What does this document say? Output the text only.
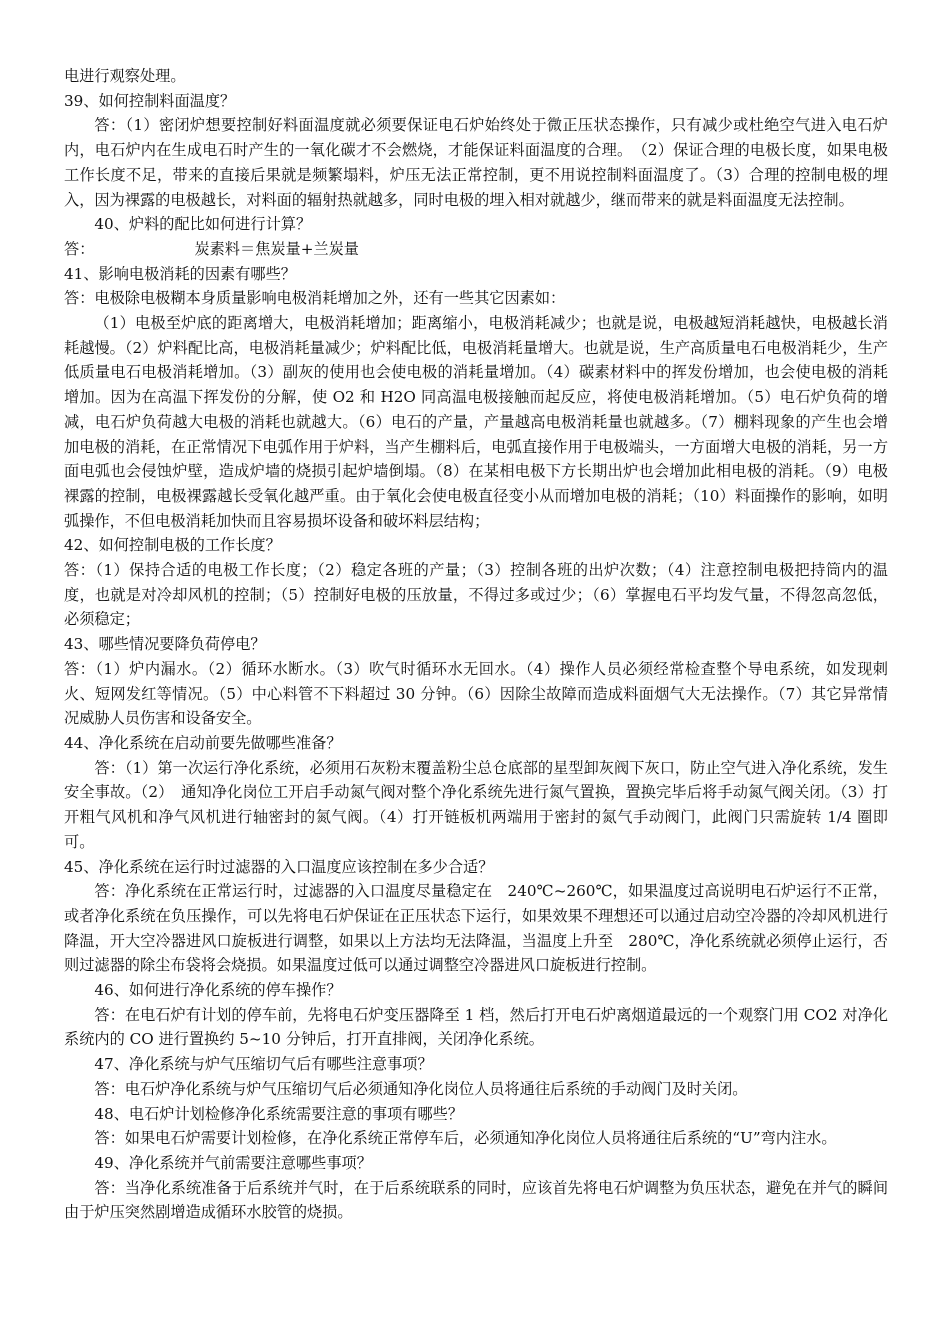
电进行观察处理。

39、如何控制料面温度？

答：（1）密闭炉想要控制好料面温度就必须要保证电石炉始终处于微正压状态操作，只有减少或杜绝空气进入电石炉内，电石炉内在生成电石时产生的一氧化碳才不会燃烧，才能保证料面温度的合理。　（2）保证合理的电极长度，如果电极工作长度不足，带来的直接后果就是频繁塌料，炉压无法正常控制，更不用说控制料面温度了。（3）合理的控制电极的埋入，因为裸露的电极越长，对料面的辐射热就越多，同时电极的埋入相对就越少，继而带来的就是料面温度无法控制。

40、炉料的配比如何进行计算？

答：	炭素料＝焦炭量+兰炭量

41、影响电极消耗的因素有哪些？

答：电极除电极糊本身质量影响电极消耗增加之外，还有一些其它因素如：

（1）电极至炉底的距离增大，电极消耗增加；距离缩小，电极消耗减少；也就是说，电极越短消耗越快，电极越长消耗越慢。（2）炉料配比高，电极消耗量减少；炉料配比低，电极消耗量增大。也就是说，生产高质量电石电极消耗少，生产低质量电石电极消耗增加。（3）副灰的使用也会使电极的消耗量增加。（4）碳素材料中的挥发份增加，也会使电极的消耗增加。因为在高温下挥发份的分解，使 O2 和 H2O 同高温电极接触而起反应，将使电极消耗增加。（5）电石炉负荷的增减，电石炉负荷越大电极的消耗也就越大。（6）电石的产量，产量越高电极消耗量也就越多。（7）棚料现象的产生也会增加电极的消耗，在正常情况下电弧作用于炉料，当产生棚料后，电弧直接作用于电极端头，一方面增大电极的消耗，另一方面电弧也会侵蚀炉壁，造成炉墙的烧损引起炉墙倒塌。（8）在某相电极下方长期出炉也会增加此相电极的消耗。（9）电极裸露的控制，电极裸露越长受氧化越严重。由于氧化会使电极直径变小从而增加电极的消耗；（10）料面操作的影响，如明弧操作，不但电极消耗加快而且容易损坏设备和破坏料层结构；

42、如何控制电极的工作长度？

答：（1）保持合适的电极工作长度；（2）稳定各班的产量；（3）控制各班的出炉次数；（4）注意控制电极把持筒内的温度，也就是对冷却风机的控制；（5）控制好电极的压放量，不得过多或过少；（6）掌握电石平均发气量，不得忽高忽低，必须稳定；

43、哪些情况要降负荷停电？

答：（1）炉内漏水。（2）循环水断水。（3）吹气时循环水无回水。（4）操作人员必须经常检查整个导电系统，如发现刺火、短网发红等情况。（5）中心料管不下料超过 30 分钟。（6）因除尘故障而造成料面烟气大无法操作。（7）其它异常情况威胁人员伤害和设备安全。

44、净化系统在启动前要先做哪些准备？

答：（1）第一次运行净化系统，必须用石灰粉末覆盖粉尘总仓底部的星型卸灰阀下灰口，防止空气进入净化系统，发生安全事故。（2）　通知净化岗位工开启手动氮气阀对整个净化系统先进行氮气置换，置换完毕后将手动氮气阀关闭。（3）打开粗气风机和净气风机进行轴密封的氮气阀。（4）打开链板机两端用于密封的氮气手动阀门，此阀门只需旋转 1/4 圈即可。

45、净化系统在运行时过滤器的入口温度应该控制在多少合适？

答：净化系统在正常运行时，过滤器的入口温度尽量稳定在　240℃~260℃，如果温度过高说明电石炉运行不正常，或者净化系统在负压操作，可以先将电石炉保证在正压状态下运行，如果效果不理想还可以通过启动空冷器的冷却风机进行降温，开大空冷器进风口旋板进行调整，如果以上方法均无法降温，当温度上升至　280℃，净化系统就必须停止运行，否则过滤器的除尘布袋将会烧损。如果温度过低可以通过调整空冷器进风口旋板进行控制。

46、如何进行净化系统的停车操作？

答：在电石炉有计划的停车前，先将电石炉变压器降至 1 档，然后打开电石炉离烟道最远的一个观察门用 CO2 对净化系统内的 CO 进行置换约 5~10 分钟后，打开直排阀，关闭净化系统。

47、净化系统与炉气压缩切气后有哪些注意事项？

答：电石炉净化系统与炉气压缩切气后必须通知净化岗位人员将通往后系统的手动阀门及时关闭。

48、电石炉计划检修净化系统需要注意的事项有哪些？

答：如果电石炉需要计划检修，在净化系统正常停车后，必须通知净化岗位人员将通往后系统的“U”弯内注水。

49、净化系统并气前需要注意哪些事项？

答：当净化系统准备于后系统并气时，在于后系统联系的同时，应该首先将电石炉调整为负压状态，避免在并气的瞬间由于炉压突然剧增造成循环水胶管的烧损。
